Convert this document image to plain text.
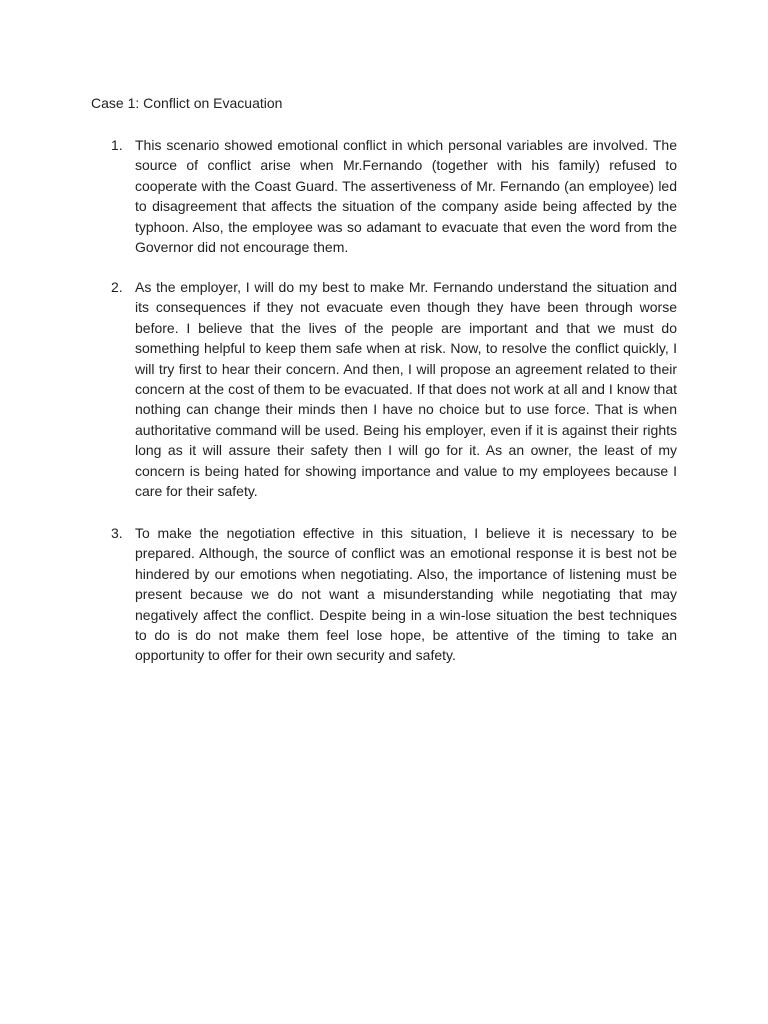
Case 1: Conflict on Evacuation
1. This scenario showed emotional conflict in which personal variables are involved. The source of conflict arise when Mr.Fernando (together with his family) refused to cooperate with the Coast Guard. The assertiveness of Mr. Fernando (an employee) led to disagreement that affects the situation of the company aside being affected by the typhoon. Also, the employee was so adamant to evacuate that even the word from the Governor did not encourage them.
2. As the employer, I will do my best to make Mr. Fernando understand the situation and its consequences if they not evacuate even though they have been through worse before. I believe that the lives of the people are important and that we must do something helpful to keep them safe when at risk. Now, to resolve the conflict quickly, I will try first to hear their concern. And then, I will propose an agreement related to their concern at the cost of them to be evacuated. If that does not work at all and I know that nothing can change their minds then I have no choice but to use force. That is when authoritative command will be used. Being his employer, even if it is against their rights long as it will assure their safety then I will go for it. As an owner, the least of my concern is being hated for showing importance and value to my employees because I care for their safety.
3. To make the negotiation effective in this situation, I believe it is necessary to be prepared. Although, the source of conflict was an emotional response it is best not be hindered by our emotions when negotiating. Also, the importance of listening must be present because we do not want a misunderstanding while negotiating that may negatively affect the conflict. Despite being in a win-lose situation the best techniques to do is do not make them feel lose hope, be attentive of the timing to take an opportunity to offer for their own security and safety.
